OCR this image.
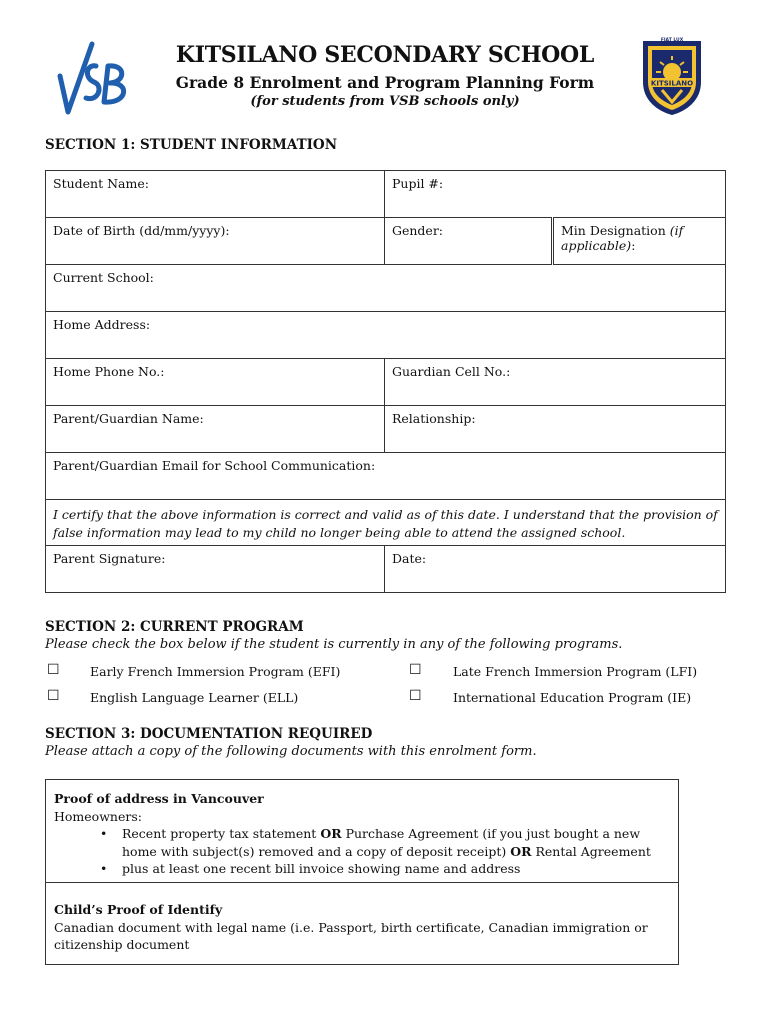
KITSILANO
FIAT LUX
KITSILANO SECONDARY SCHOOL
Grade 8 Enrolment and Program Planning Form
(for students from VSB schools only)
SECTION 1: STUDENT INFORMATION
Student Name:	Pupil #:	
Date of Birth (dd/mm/yyyy):	Gender:	Min Designation (if applicable):
Current School:		
Home Address:		
Home Phone No.:	Guardian Cell No.:	
Parent/Guardian Name:	Relationship:	
Parent/Guardian Email for School Communication:		
I certify that the above information is correct and valid as of this date. I understand that the provision of false information may lead to my child no longer being able to attend the assigned school.		
Parent Signature:	Date:	
SECTION 2: CURRENT PROGRAM
Please check the box below if the student is currently in any of the following programs.
☐ Early French Immersion Program (EFI)	☐	Late French Immersion Program (LFI)
☐ English Language Learner (ELL)	☐	International Education Program (IE)
SECTION 3: DOCUMENTATION REQUIRED
Please attach a copy of the following documents with this enrolment form.
Proof of address in Vancouver
Homeowners:
• Recent property tax statement OR Purchase Agreement (if you just bought a new home with subject(s) removed and a copy of deposit receipt) OR Rental Agreement
• plus at least one recent bill invoice showing name and address
Child’s Proof of Identify
Canadian document with legal name (i.e. Passport, birth certificate, Canadian immigration or citizenship document
